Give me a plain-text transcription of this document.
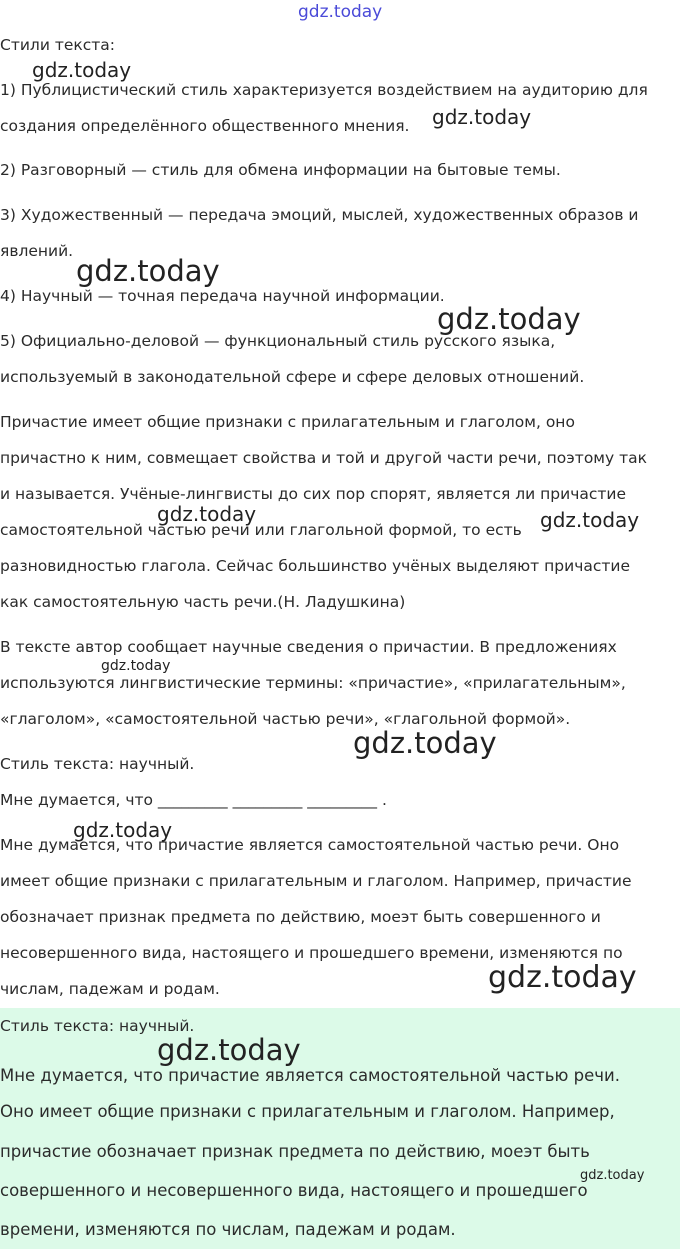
Стили текста:
1) Публицистический стиль характеризуется воздействием на аудиторию для
создания определённого общественного мнения.
2) Разговорный — стиль для обмена информации на бытовые темы.
3) Художественный — передача эмоций, мыслей, художественных образов и
явлений.
4) Научный — точная передача научной информации.
5) Официально-деловой — функциональный стиль русского языка,
используемый в законодательной сфере и сфере деловых отношений.
Причастие имеет общие признаки с прилагательным и глаголом, оно
причастно к ним, совмещает свойства и той и другой части речи, поэтому так
и называется. Учёные-лингвисты до сих пор спорят, является ли причастие
самостоятельной частью речи или глагольной формой, то есть
разновидностью глагола. Сейчас большинство учёных выделяют причастие
как самостоятельную часть речи.(Н. Ладушкина)
В тексте автор сообщает научные сведения о причастии. В предложениях
используются лингвистические термины: «причастие», «прилагательным»,
«глаголом», «самостоятельной частью речи», «глагольной формой».
Стиль текста: научный.
Мне думается, что _________ _________ _________ .
Мне думается, что причастие является самостоятельной частью речи. Оно
имеет общие признаки с прилагательным и глаголом. Например, причастие
обозначает признак предмета по действию, моеэт быть совершенного и
несовершенного вида, настоящего и прошедшего времени, изменяются по
числам, падежам и родам.
Стиль текста: научный.
Мне думается, что причастие является самостоятельной частью речи.
Оно имеет общие признаки с прилагательным и глаголом. Например,
причастие обозначает признак предмета по действию, моеэт быть
совершенного и несовершенного вида, настоящего и прошедшего
времени, изменяются по числам, падежам и родам.
gdz.today
gdz.today
gdz.today
gdz.today
gdz.today
gdz.today	gdz.today
gdz.today
gdz.today
gdz.today
gdz.today
gdz.today
gdz.today
